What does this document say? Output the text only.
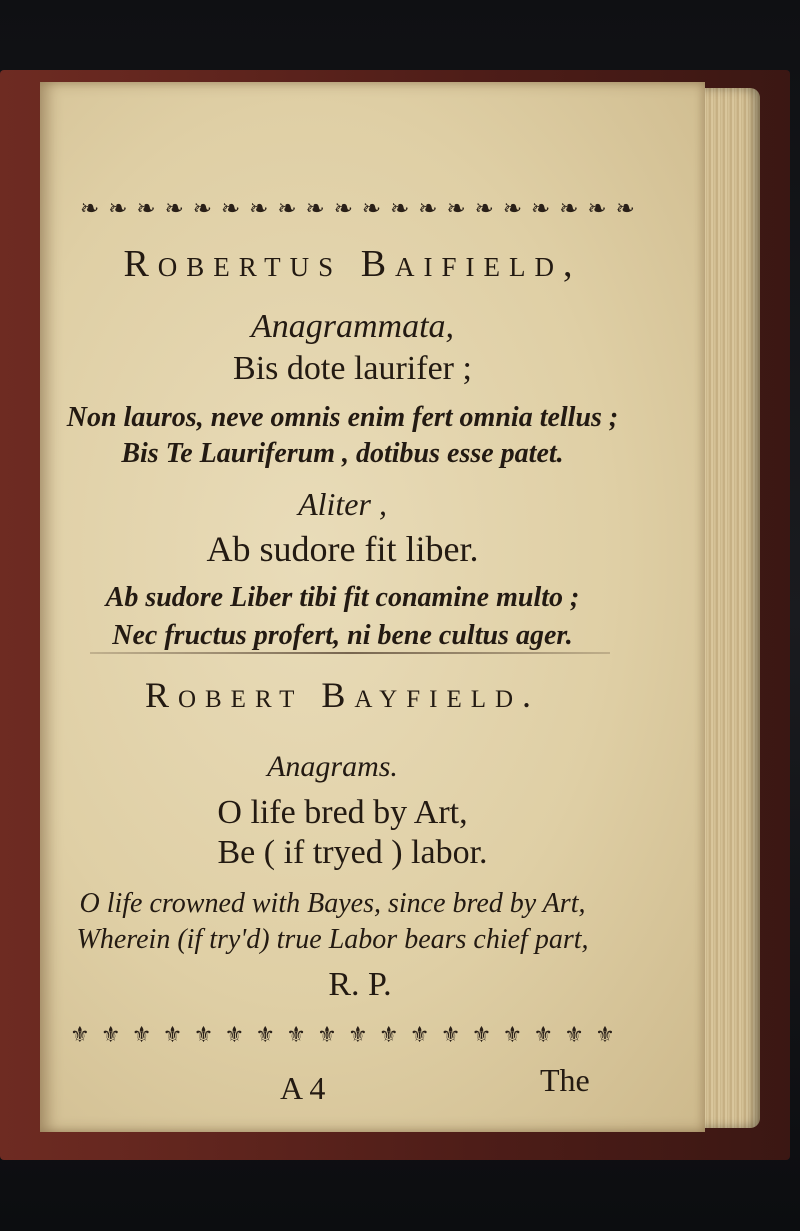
❧ ❧ ❧ ❧ ❧ ❧ ❧ ❧ ❧ ❧ ❧ ❧ ❧ ❧ ❧ ❧ ❧ ❧ ❧ ❧

Robertus Baifield,

Anagrammata,

Bis dote laurifer ;

Non lauros, neve omnis enim fert omnia tellus ;

Bis Te Lauriferum , dotibus esse patet.

Aliter ,

Ab sudore fit liber.

Ab sudore Liber tibi fit conamine multo ;

Nec fructus profert, ni bene cultus ager.

Robert Bayfield.

Anagrams.

O life bred by Art,

Be ( if tryed ) labor.

O life crowned with Bayes, since bred by Art,

Wherein (if try'd) true Labor bears chief part,

R. P.

⚜ ⚜ ⚜ ⚜ ⚜ ⚜ ⚜ ⚜ ⚜ ⚜ ⚜ ⚜ ⚜ ⚜ ⚜ ⚜ ⚜ ⚜

A 4	The
